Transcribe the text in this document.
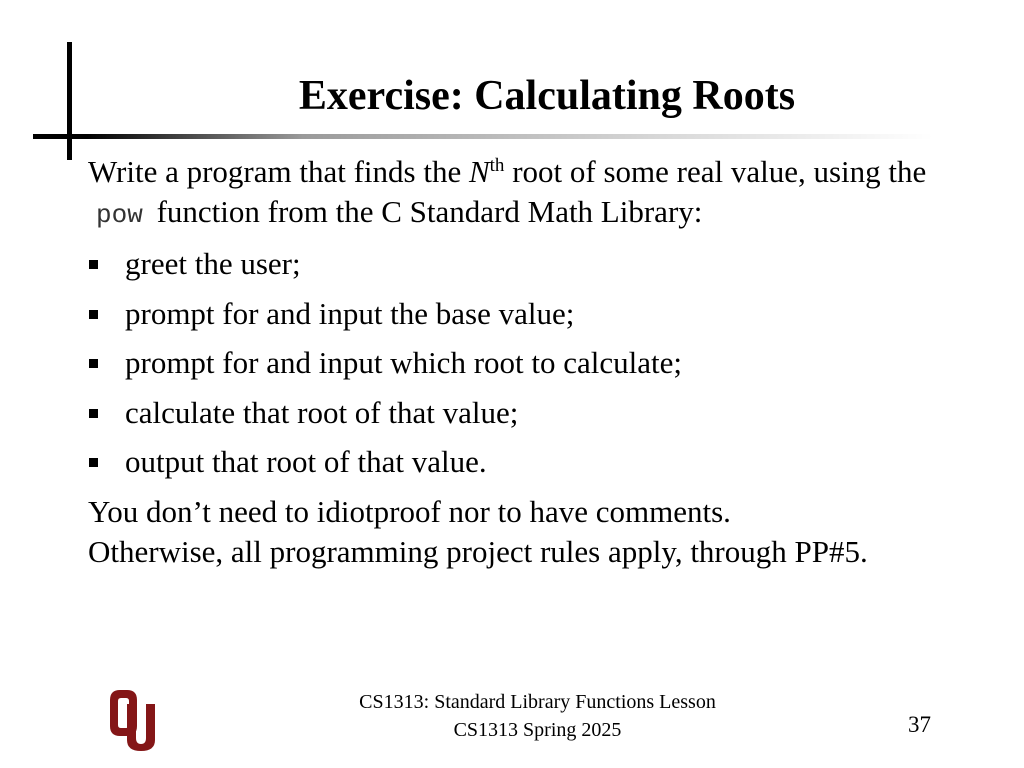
Exercise: Calculating Roots

Write a program that finds the $N^{th}$ root of some real value, using the pow function from the C Standard Math Library:

greet the user;
prompt for and input the base value;
prompt for and input which root to calculate;
calculate that root of that value;
output that root of that value.

You don’t need to idiotproof nor to have comments.

Otherwise, all programming project rules apply, through PP#5.

CS1313: Standard Library Functions Lesson
CS1313 Spring 2025	37
